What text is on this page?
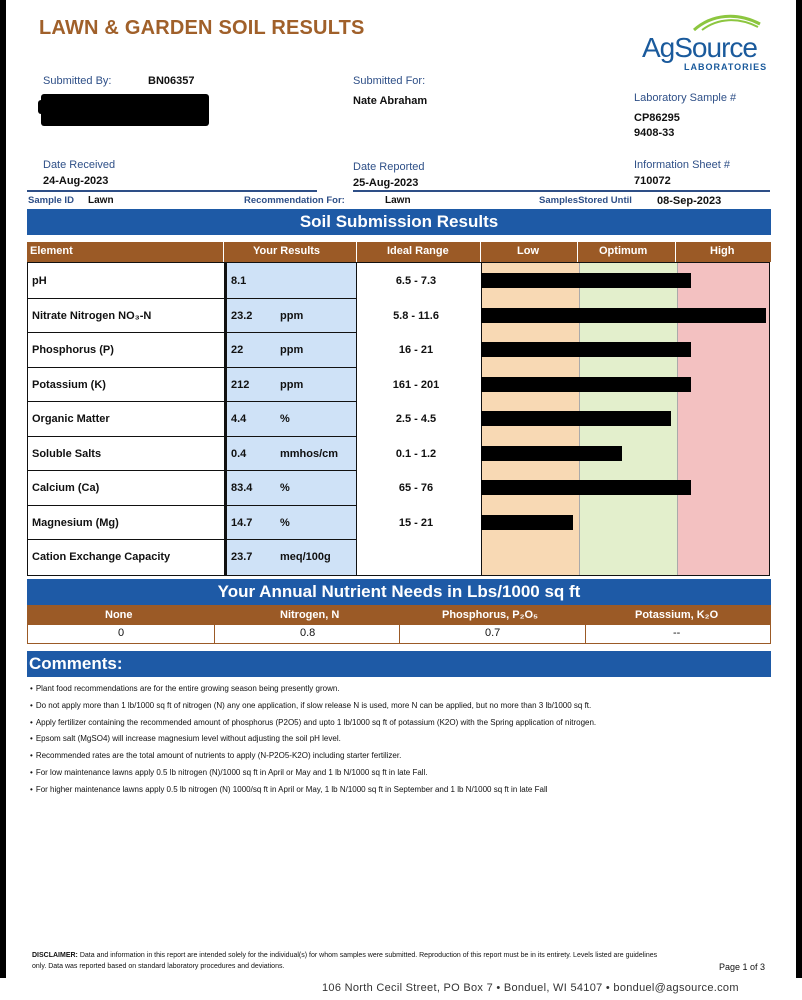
LAWN & GARDEN SOIL RESULTS
AgSource
LABORATORIES
Submitted By:	BN06357	Submitted For:
Nate Abraham	Laboratory Sample #
CP86295
9408-33
Date Received
24-Aug-2023
Date Reported
25-Aug-2023
Information Sheet #
710072
Sample ID Lawn	Recommendation For:	Lawn	SamplesStored Until 08-Sep-2023
Soil Submission Results
Element	Your Results	Ideal Range	Low	Optimum	High
pH	8.1	6.5 - 7.3
Nitrate Nitrogen NO₃-N	23.2	ppm	5.8 - 11.6
Phosphorus (P)	22	ppm	16 - 21
Potassium (K)	212	ppm	161 - 201
Organic Matter	4.4	%	2.5 - 4.5
Soluble Salts	0.4	mmhos/cm	0.1 - 1.2
Calcium (Ca)	83.4	%	65 - 76
Magnesium (Mg)	14.7	%	15 - 21
Cation Exchange Capacity	23.7	meq/100g
Your Annual Nutrient Needs in Lbs/1000 sq ft
None	Nitrogen, N	Phosphorus, P₂O₅	Potassium, K₂O
0	0.8	0.7	--
Comments:
• Plant food recommendations are for the entire growing season being presently grown.
• Do not apply more than 1 lb/1000 sq ft of nitrogen (N) any one application, if slow release N is used, more N can be applied, but no more than 3 lb/1000 sq ft.
• Apply fertilizer containing the recommended amount of phosphorus (P2O5) and upto 1 lb/1000 sq ft of potassium (K2O) with the Spring application of nitrogen.
• Epsom salt (MgSO4) will increase magnesium level without adjusting the soil pH level.
• Recommended rates are the total amount of nutrients to apply (N-P2O5-K2O) including starter fertilizer.
• For low maintenance lawns apply 0.5 lb nitrogen (N)/1000 sq ft in April or May and 1 lb N/1000 sq ft in late Fall.
• For higher maintenance lawns apply 0.5 lb nitrogen (N) 1000/sq ft in April or May, 1 lb N/1000 sq ft in September and 1 lb N/1000 sq ft in late Fall
DISCLAIMER: Data and information in this report are intended solely for the individual(s) for whom samples were submitted. Reproduction of this report must be in its entirety. Levels listed are guidelines only. Data was reported based on standard laboratory procedures and deviations.	Page 1 of 3
106 North Cecil Street, PO Box 7 • Bonduel, WI 54107 • bonduel@agsource.com
